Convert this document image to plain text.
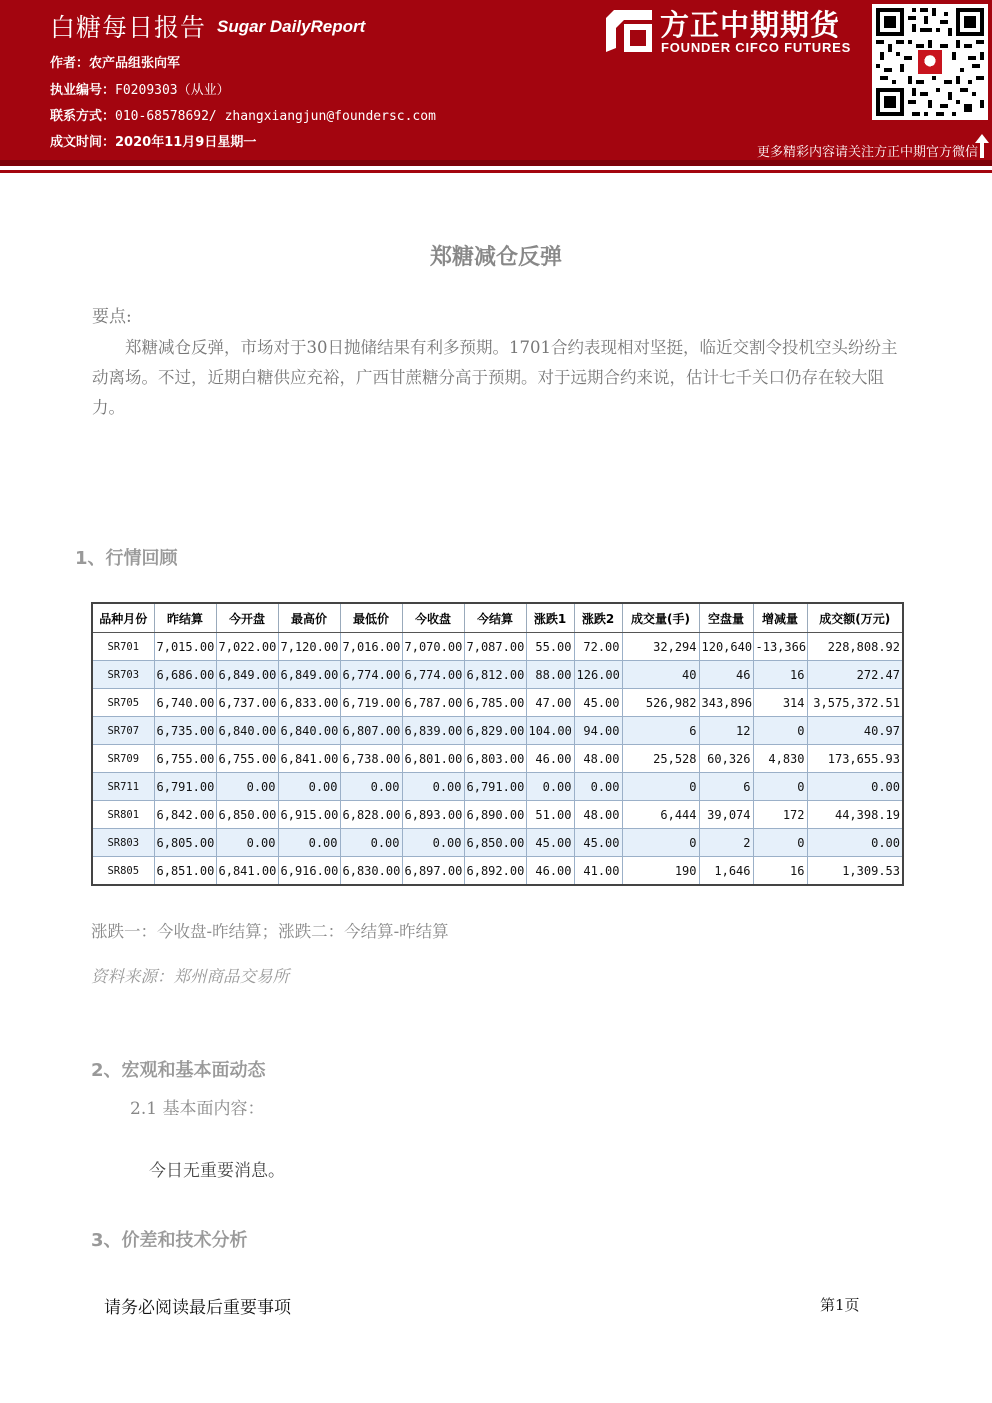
白糖每日报告 Sugar DailyReport
作者：农产品组张向军
执业编号：F0209303（从业）
联系方式：010-68578692/ zhangxiangjun@foundersc.com
成文时间：2020年11月9日星期一
方正中期期货
FOUNDER CIFCO FUTURES
更多精彩内容请关注方正中期官方微信
郑糖减仓反弹
要点:

郑糖减仓反弹，市场对于30日抛储结果有利多预期。1701合约表现相对坚挺，临近交割令投机空头纷纷主动离场。不过，近期白糖供应充裕，广西甘蔗糖分高于预期。对于远期合约来说，估计七千关口仍存在较大阻力。

1、行情回顾
品种月份	昨结算	今开盘	最高价	最低价	今收盘	今结算	涨跌1	涨跌2	成交量(手)	空盘量	增减量	成交额(万元)
SR701	7,015.00	7,022.00	7,120.00	7,016.00	7,070.00	7,087.00	55.00	72.00	32,294	120,640	-13,366	228,808.92
SR703	6,686.00	6,849.00	6,849.00	6,774.00	6,774.00	6,812.00	88.00	126.00	40	46	16	272.47
SR705	6,740.00	6,737.00	6,833.00	6,719.00	6,787.00	6,785.00	47.00	45.00	526,982	343,896	314	3,575,372.51
SR707	6,735.00	6,840.00	6,840.00	6,807.00	6,839.00	6,829.00	104.00	94.00	6	12	0	40.97
SR709	6,755.00	6,755.00	6,841.00	6,738.00	6,801.00	6,803.00	46.00	48.00	25,528	60,326	4,830	173,655.93
SR711	6,791.00	0.00	0.00	0.00	0.00	6,791.00	0.00	0.00	0	6	0	0.00
SR801	6,842.00	6,850.00	6,915.00	6,828.00	6,893.00	6,890.00	51.00	48.00	6,444	39,074	172	44,398.19
SR803	6,805.00	0.00	0.00	0.00	0.00	6,850.00	45.00	45.00	0	2	0	0.00
SR805	6,851.00	6,841.00	6,916.00	6,830.00	6,897.00	6,892.00	46.00	41.00	190	1,646	16	1,309.53
涨跌一：今收盘-昨结算；涨跌二：今结算-昨结算
资料来源：郑州商品交易所
2、宏观和基本面动态
2.1 基本面内容：
今日无重要消息。
3、价差和技术分析
请务必阅读最后重要事项	第1页
